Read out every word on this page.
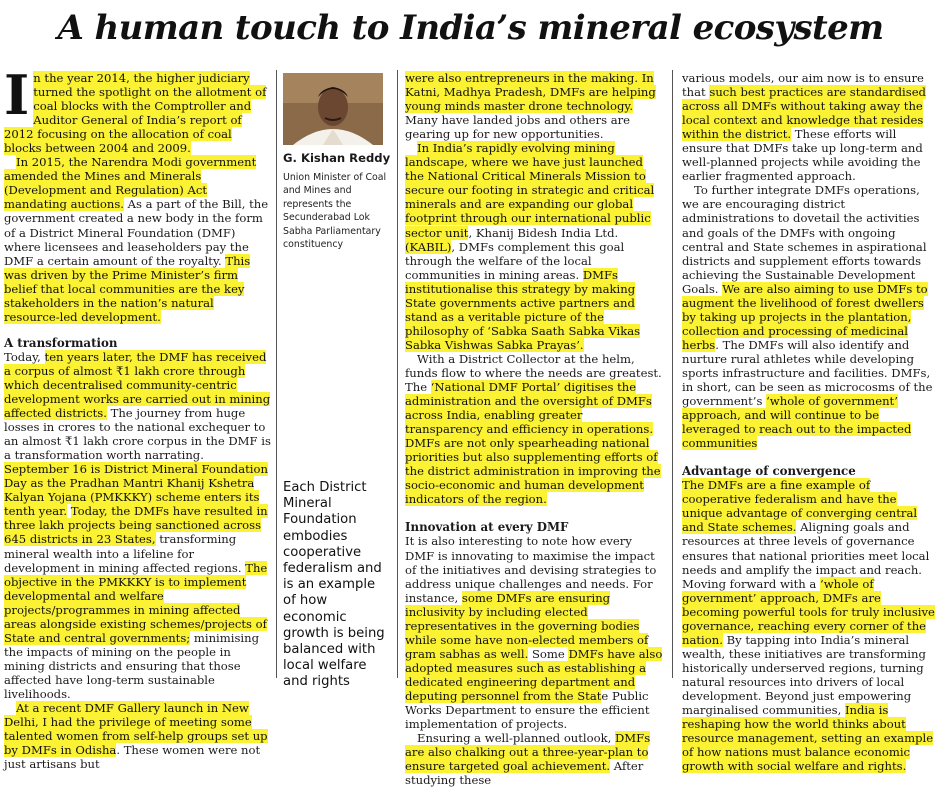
A human touch to India’s mineral ecosystem

I n the year 2014, the higher judiciary turned the spotlight on the allotment of coal blocks with the Comptroller and Auditor General of India’s report of 2012 focusing on the allocation of coal blocks between 2004 and 2009.

In 2015, the Narendra Modi government amended the Mines and Minerals (Development and Regulation) Act mandating auctions. As a part of the Bill, the government created a new body in the form of a District Mineral Foundation (DMF) where licensees and leaseholders pay the DMF a certain amount of the royalty. This was driven by the Prime Minister’s firm belief that local communities are the key stakeholders in the nation’s natural resource-led development.

A transformation

Today, ten years later, the DMF has received a corpus of almost ₹1 lakh crore through which decentralised community-centric development works are carried out in mining affected districts. The journey from huge losses in crores to the national exchequer to an almost ₹1 lakh crore corpus in the DMF is a transformation worth narrating. September 16 is District Mineral Foundation Day as the Pradhan Mantri Khanij Kshetra Kalyan Yojana (PMKKKY) scheme enters its tenth year. Today, the DMFs have resulted in three lakh projects being sanctioned across 645 districts in 23 States, transforming mineral wealth into a lifeline for development in mining affected regions. The objective in the PMKKKY is to implement developmental and welfare projects/programmes in mining affected areas alongside existing schemes/projects of State and central governments; minimising the impacts of mining on the people in mining districts and ensuring that those affected have long-term sustainable livelihoods.

At a recent DMF Gallery launch in New Delhi, I had the privilege of meeting some talented women from self-help groups set up by DMFs in Odisha. These women were not just artisans but

G. Kishan Reddy
Union Minister of Coal and Mines and represents the Secunderabad Lok Sabha Parliamentary constituency
Each District Mineral Foundation embodies cooperative federalism and is an example of how economic growth is being balanced with local welfare and rights

were also entrepreneurs in the making. In Katni, Madhya Pradesh, DMFs are helping young minds master drone technology. Many have landed jobs and others are gearing up for new opportunities.

In India’s rapidly evolving mining landscape, where we have just launched the National Critical Minerals Mission to secure our footing in strategic and critical minerals and are expanding our global footprint through our international public sector unit, Khanij Bidesh India Ltd. (KABIL), DMFs complement this goal through the welfare of the local communities in mining areas. DMFs institutionalise this strategy by making State governments active partners and stand as a veritable picture of the philosophy of ‘Sabka Saath Sabka Vikas Sabka Vishwas Sabka Prayas’.

With a District Collector at the helm, funds flow to where the needs are greatest. The ‘National DMF Portal’ digitises the administration and the oversight of DMFs across India, enabling greater transparency and efficiency in operations. DMFs are not only spearheading national priorities but also supplementing efforts of the district administration in improving the socio-economic and human development indicators of the region.

Innovation at every DMF

It is also interesting to note how every DMF is innovating to maximise the impact of the initiatives and devising strategies to address unique challenges and needs. For instance, some DMFs are ensuring inclusivity by including elected representatives in the governing bodies while some have non-elected members of gram sabhas as well. Some DMFs have also adopted measures such as establishing a dedicated engineering department and deputing personnel from the State Public Works Department to ensure the efficient implementation of projects.

Ensuring a well-planned outlook, DMFs are also chalking out a three-year-plan to ensure targeted goal achievement. After studying these

various models, our aim now is to ensure that such best practices are standardised across all DMFs without taking away the local context and knowledge that resides within the district. These efforts will ensure that DMFs take up long-term and well-planned projects while avoiding the earlier fragmented approach.

To further integrate DMFs operations, we are encouraging district administrations to dovetail the activities and goals of the DMFs with ongoing central and State schemes in aspirational districts and supplement efforts towards achieving the Sustainable Development Goals. We are also aiming to use DMFs to augment the livelihood of forest dwellers by taking up projects in the plantation, collection and processing of medicinal herbs. The DMFs will also identify and nurture rural athletes while developing sports infrastructure and facilities. DMFs, in short, can be seen as microcosms of the government’s ‘whole of government’ approach, and will continue to be leveraged to reach out to the impacted communities

Advantage of convergence

The DMFs are a fine example of cooperative federalism and have the unique advantage of converging central and State schemes. Aligning goals and resources at three levels of governance ensures that national priorities meet local needs and amplify the impact and reach. Moving forward with a ‘whole of government’ approach, DMFs are becoming powerful tools for truly inclusive governance, reaching every corner of the nation. By tapping into India’s mineral wealth, these initiatives are transforming historically underserved regions, turning natural resources into drivers of local development. Beyond just empowering marginalised communities, India is reshaping how the world thinks about resource management, setting an example of how nations must balance economic growth with social welfare and rights.
